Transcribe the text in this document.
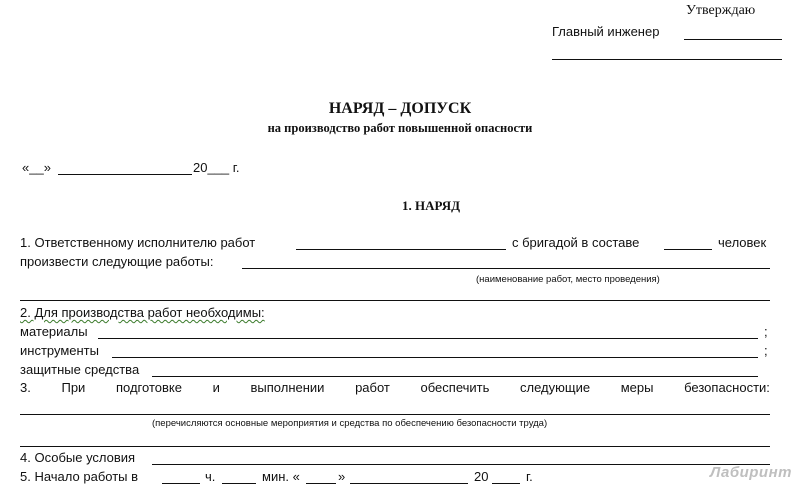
Утверждаю
Главный инженер
НАРЯД – ДОПУСК
на производство работ повышенной опасности
«__»	20___ г.
1. НАРЯД
1. Ответственному исполнителю работ	с бригадой в составе	человек
произвести следующие работы:
(наименование работ, место проведения)
2. Для производства работ необходимы:
материалы	;
инструменты	;
защитные средства
3. При подготовке и выполнении работ обеспечить следующие меры безопасности:
(перечисляются основные мероприятия и средства по обеспечению безопасности труда)
4. Особые условия
5. Начало работы в	ч.	мин. «	»	20	г.	Лабиринт
